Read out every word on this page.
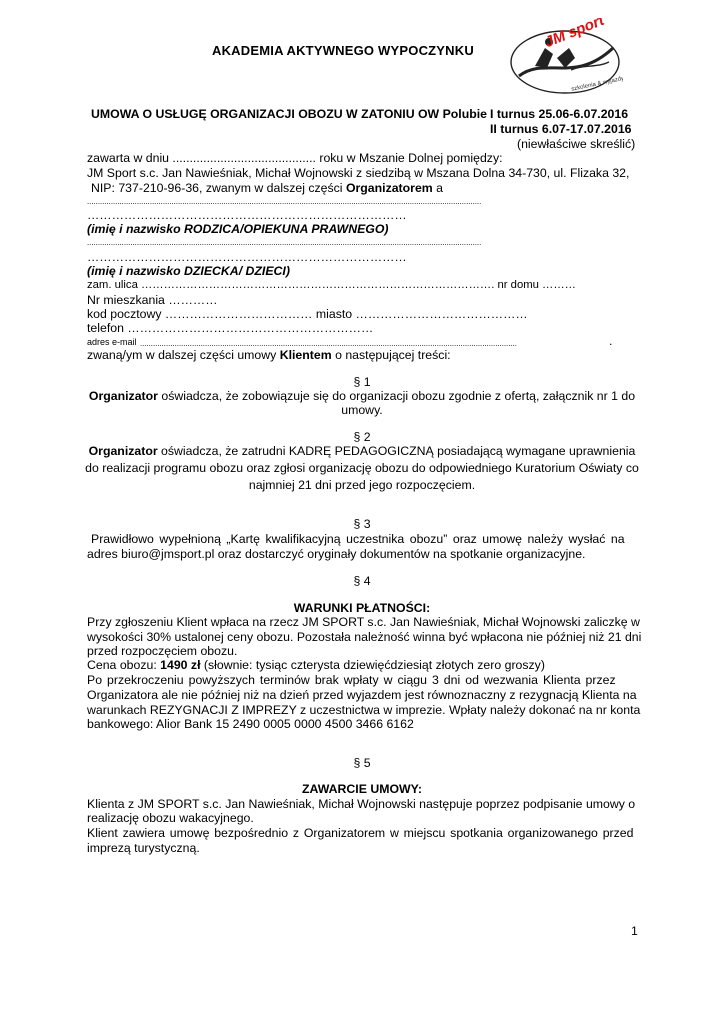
AKADEMIA AKTYWNEGO WYPOCZYNKU	JM sport
szkolenia & wyjazdy
UMOWA O USŁUGĘ ORGANIZACJI OBOZU W ZATONIU OW Polubie I turnus 25.06-6.07.2016
II turnus 6.07-17.07.2016
(niewłaściwe skreślić)
zawarta w dniu .......................................... roku w Mszanie Dolnej pomiędzy:
JM Sport s.c. Jan Nawieśniak, Michał Wojnowski z siedzibą w Mszana Dolna 34-730, ul. Flizaka 32,
NIP: 737-210-96-36, zwanym w dalszej części Organizatorem a
......................................................................................................................................................................................
……………………………………………………………………
(imię i nazwisko RODZICA/OPIEKUNA PRAWNEGO)
......................................................................................................................................................................................
……………………………………………………………………
(imię i nazwisko DZIECKA/ DZIECI)
zam. ulica …………………………………………………………………………………. nr domu ………
Nr mieszkania …………
kod pocztowy ……………………………… miasto ……………………………………
telefon ……………………………………………………
adres e-mail ..............................................................................................................................................................................	.
zwaną/ym w dalszej części umowy Klientem o następującej treści:
§ 1
Organizator oświadcza, że zobowiązuje się do organizacji obozu zgodnie z ofertą, załącznik nr 1 do
umowy.
§ 2
Organizator oświadcza, że zatrudni KADRĘ PEDAGOGICZNĄ posiadającą wymagane uprawnienia
do realizacji programu obozu oraz zgłosi organizację obozu do odpowiedniego Kuratorium Oświaty co
najmniej 21 dni przed jego rozpoczęciem.
§ 3
Prawidłowo wypełnioną „Kartę kwalifikacyjną uczestnika obozu” oraz umowę należy wysłać na
adres biuro@jmsport.pl oraz dostarczyć oryginały dokumentów na spotkanie organizacyjne.
§ 4
WARUNKI PŁATNOŚCI:
Przy zgłoszeniu Klient wpłaca na rzecz JM SPORT s.c. Jan Nawieśniak, Michał Wojnowski zaliczkę w
wysokości 30% ustalonej ceny obozu. Pozostała należność winna być wpłacona nie później niż 21 dni
przed rozpoczęciem obozu.
Cena obozu: 1490 zł (słownie: tysiąc czterysta dziewięćdziesiąt złotych zero groszy)
Po przekroczeniu powyższych terminów brak wpłaty w ciągu 3 dni od wezwania Klienta przez
Organizatora ale nie później niż na dzień przed wyjazdem jest równoznaczny z rezygnacją Klienta na
warunkach REZYGNACJI Z IMPREZY z uczestnictwa w imprezie. Wpłaty należy dokonać na nr konta
bankowego: Alior Bank 15 2490 0005 0000 4500 3466 6162
§ 5
ZAWARCIE UMOWY:
Klienta z JM SPORT s.c. Jan Nawieśniak, Michał Wojnowski następuje poprzez podpisanie umowy o
realizację obozu wakacyjnego.
Klient zawiera umowę bezpośrednio z Organizatorem w miejscu spotkania organizowanego przed
imprezą turystyczną.
1
